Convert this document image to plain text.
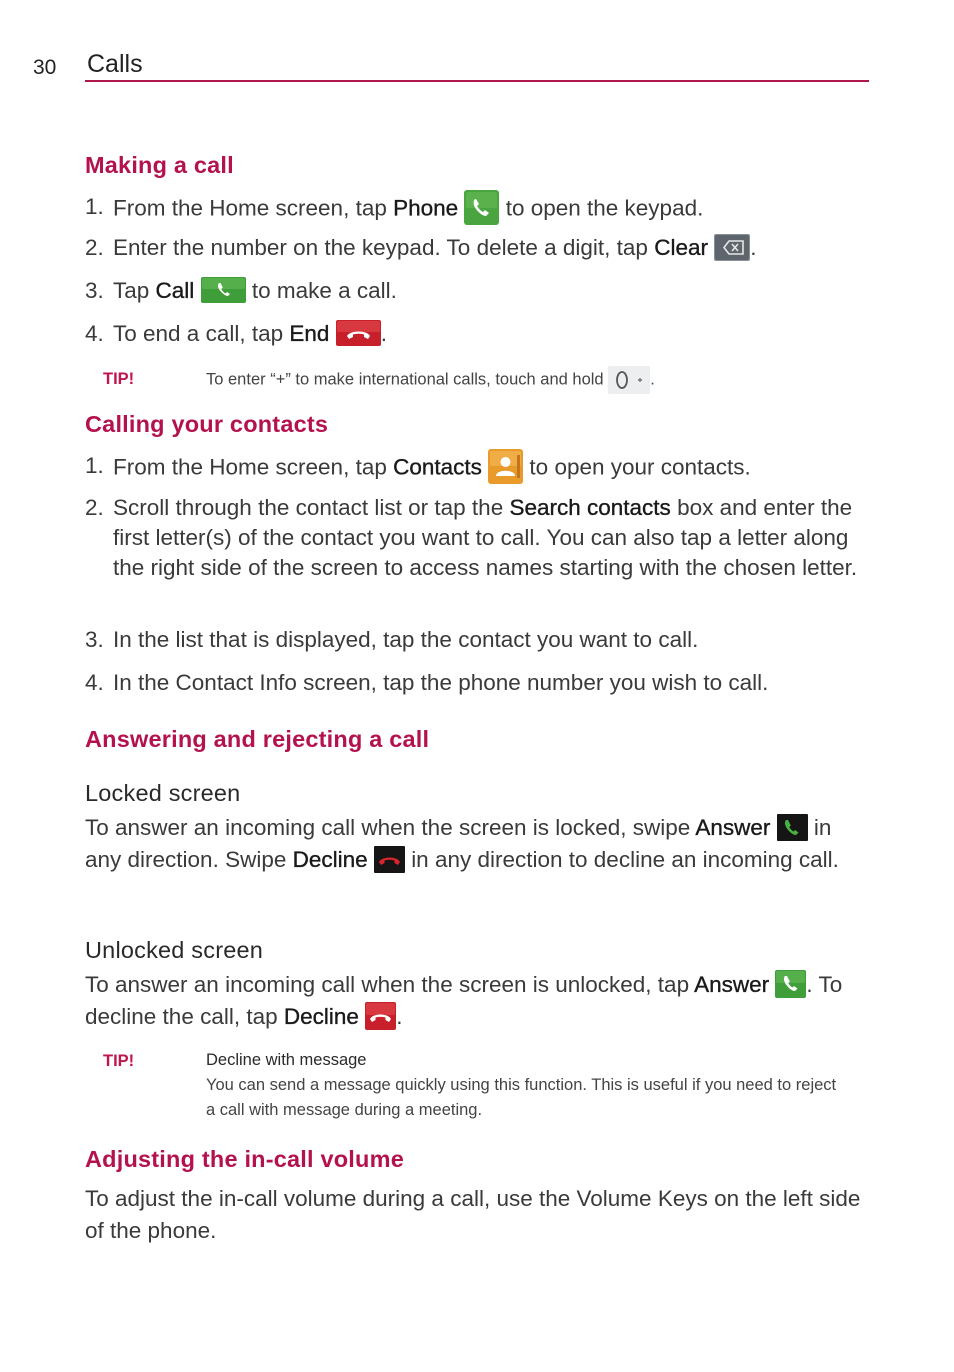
30 Calls
Making a call
1. From the Home screen, tap Phone
to open the keypad.
2. Enter the number on the keypad. To delete a digit, tap Clear .
3. Tap Call
to make a call.
4. To end a call, tap End .
TIP!	To enter “+” to make international calls, touch and hold	.
Calling your contacts
1. From the Home screen, tap Contacts
to open your contacts.
2. Scroll through the contact list or tap the Search contacts box and enter the first letter(s) of the contact you want to call. You can also tap a letter along the right side of the screen to access names starting with the chosen letter.
3. In the list that is displayed, tap the contact you want to call.
4. In the Contact Info screen, tap the phone number you wish to call.
Answering and rejecting a call
Locked screen
To answer an incoming call when the screen is locked, swipe Answer
in any direction. Swipe Decline
in any direction to decline an incoming call.
Unlocked screen
To answer an incoming call when the screen is unlocked, tap Answer . To decline the call, tap Decline .
TIP!	Decline with message
You can send a message quickly using this function. This is useful if you need to reject a call with message during a meeting.
Adjusting the in-call volume
To adjust the in-call volume during a call, use the Volume Keys on the left side of the phone.
